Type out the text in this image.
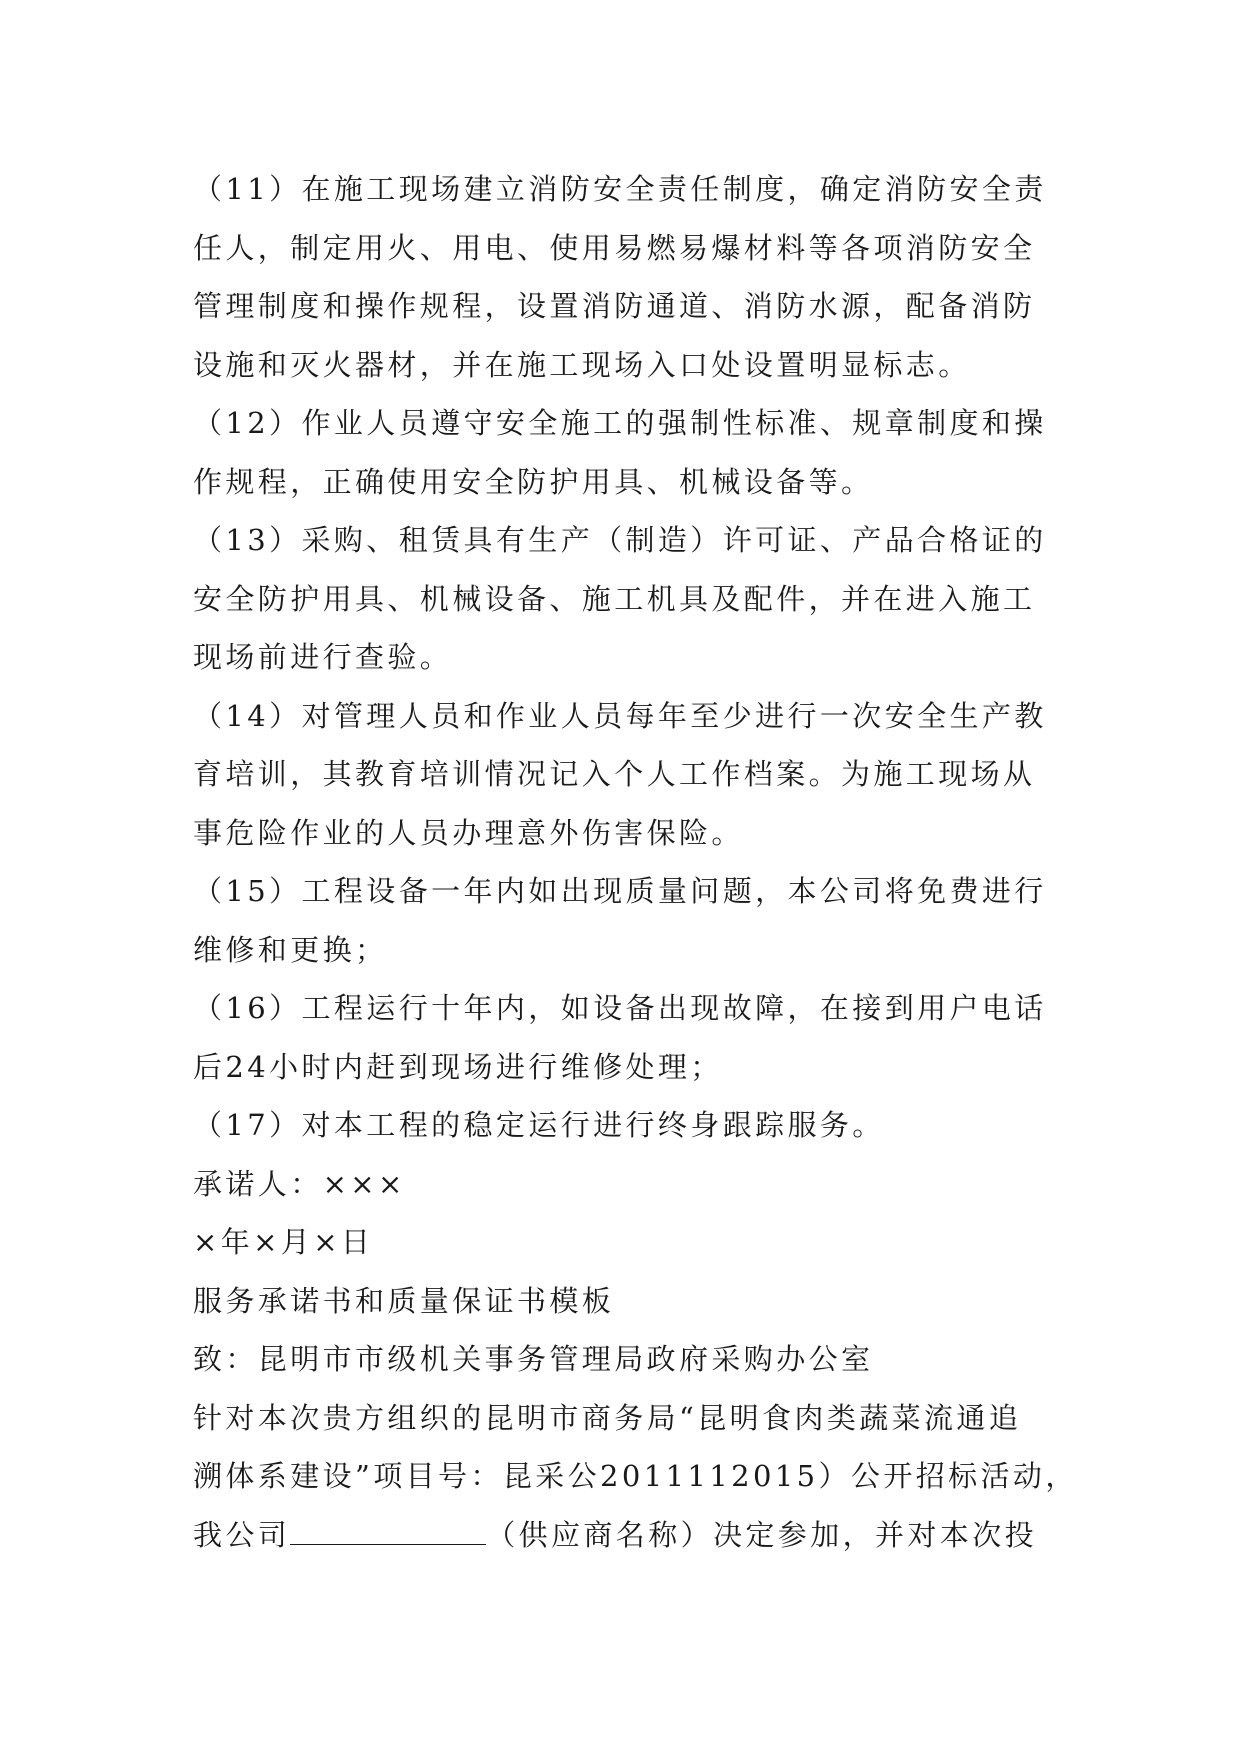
（11）在施工现场建立消防安全责任制度，确定消防安全责
任人，制定用火、用电、使用易燃易爆材料等各项消防安全
管理制度和操作规程，设置消防通道、消防水源，配备消防
设施和灭火器材，并在施工现场入口处设置明显标志。
（12）作业人员遵守安全施工的强制性标准、规章制度和操
作规程，正确使用安全防护用具、机械设备等。
（13）采购、租赁具有生产（制造）许可证、产品合格证的
安全防护用具、机械设备、施工机具及配件，并在进入施工
现场前进行查验。
（14）对管理人员和作业人员每年至少进行一次安全生产教
育培训，其教育培训情况记入个人工作档案。为施工现场从
事危险作业的人员办理意外伤害保险。
（15）工程设备一年内如出现质量问题，本公司将免费进行
维修和更换；
（16）工程运行十年内，如设备出现故障，在接到用户电话
后24小时内赶到现场进行维修处理；
（17）对本工程的稳定运行进行终身跟踪服务。
承诺人：×××
×年×月×日
服务承诺书和质量保证书模板
致：昆明市市级机关事务管理局政府采购办公室
针对本次贵方组织的昆明市商务局“昆明食肉类蔬菜流通追
溯体系建设”项目号：昆采公2011112015）公开招标活动，
我公司	（供应商名称）决定参加，并对本次投
